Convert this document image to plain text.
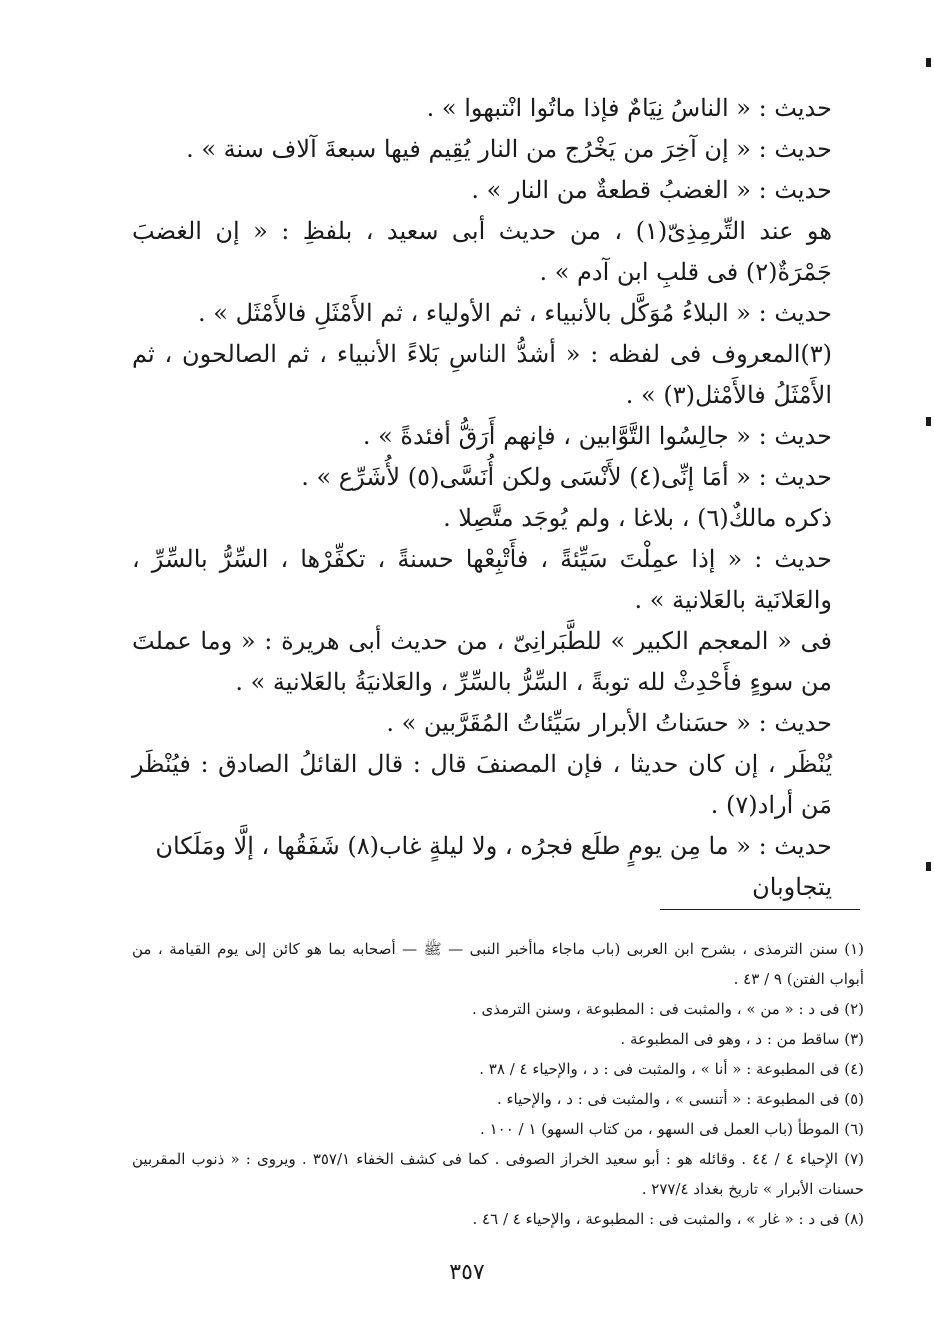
حديث : « الناسُ نِيَامٌ فإذا ماتُوا انْتبهوا » .

حديث : « إن آخِرَ من يَخْرُج من النار يُقِيم فيها سبعةَ آلاف سنة » .

حديث : « الغضبُ قطعةٌ من النار » .

هو عند التِّرمِذِىّ(١) ، من حديث أبى سعيد ، بلفظِ : « إن الغضبَ جَمْرَةٌ(٢) فى قلبِ ابن آدم » .

حديث : « البلاءُ مُوَكَّل بالأنبياء ، ثم الأولياء ، ثم الأَمْثَلِ فالأَمْثَل » .

(٣)المعروف فى لفظه : « أشدُّ الناسِ بَلاءً الأنبياء ، ثم الصالحون ، ثم الأَمْثَلُ فالأَمْثل(٣) » .

حديث : « جالِسُوا التَّوَّابين ، فإنهم أَرَقُّ أفئدةً » .

حديث : « أمَا إنِّى(٤) لأَنْسَى ولكن أُنَسَّى(٥) لأُشَرِّع » .

ذكره مالكٌ(٦) ، بلاغا ، ولم يُوجَد متَّصِلا .

حديث : « إذا عمِلْتَ سَيِّئةً ، فأَتْبِعْها حسنةً ، تكفِّرْها ، السِّرُّ بالسِّرِّ ، والعَلانَية بالعَلانية » .

فى « المعجم الكبير » للطَّبَرانِىّ ، من حديث أبى هريرة : « وما عملتَ من سوءٍ فأَحْدِثْ لله توبةً ، السِّرُّ بالسِّرِّ ، والعَلانيَةُ بالعَلانية » .

حديث : « حسَناتُ الأبرار سَيِّئاتُ المُقَرَّبين » .

يُنْظَر ، إن كان حديثا ، فإن المصنفَ قال : قال القائلُ الصادق : فيُنْظَر مَن أراد(٧) .

حديث : « ما مِن يومٍ طلَع فجرُه ، ولا ليلةٍ غاب(٨) شَفَقُها ، إلَّا ومَلَكان يتجاوبان

(١) سنن الترمذى ، بشرح ابن العربى (باب ماجاء ماأخبر النبى — ﷺ — أصحابه بما هو كائن إلى يوم القيامة ، من أبواب الفتن) ٩ / ٤٣ .

(٢) فى د : « من » ، والمثبت فى : المطبوعة ، وسنن الترمذى .

(٣) ساقط من : د ، وهو فى المطبوعة .

(٤) فى المطبوعة : « أنا » ، والمثبت فى : د ، والإحياء ٤ / ٣٨ .

(٥) فى المطبوعة : « أتنسى » ، والمثبت فى : د ، والإحياء .

(٦) الموطأ (باب العمل فى السهو ، من كتاب السهو) ١ / ١٠٠ .

(٧) الإحياء ٤ / ٤٤ . وقائله هو : أبو سعيد الخراز الصوفى . كما فى كشف الخفاء ٣٥٧/١ . ويروى : « ذنوب المقربين حسنات الأبرار » تاريخ بغداد ٢٧٧/٤ .

(٨) فى د : « غار » ، والمثبت فى : المطبوعة ، والإحياء ٤ / ٤٦ .

٣٥٧
